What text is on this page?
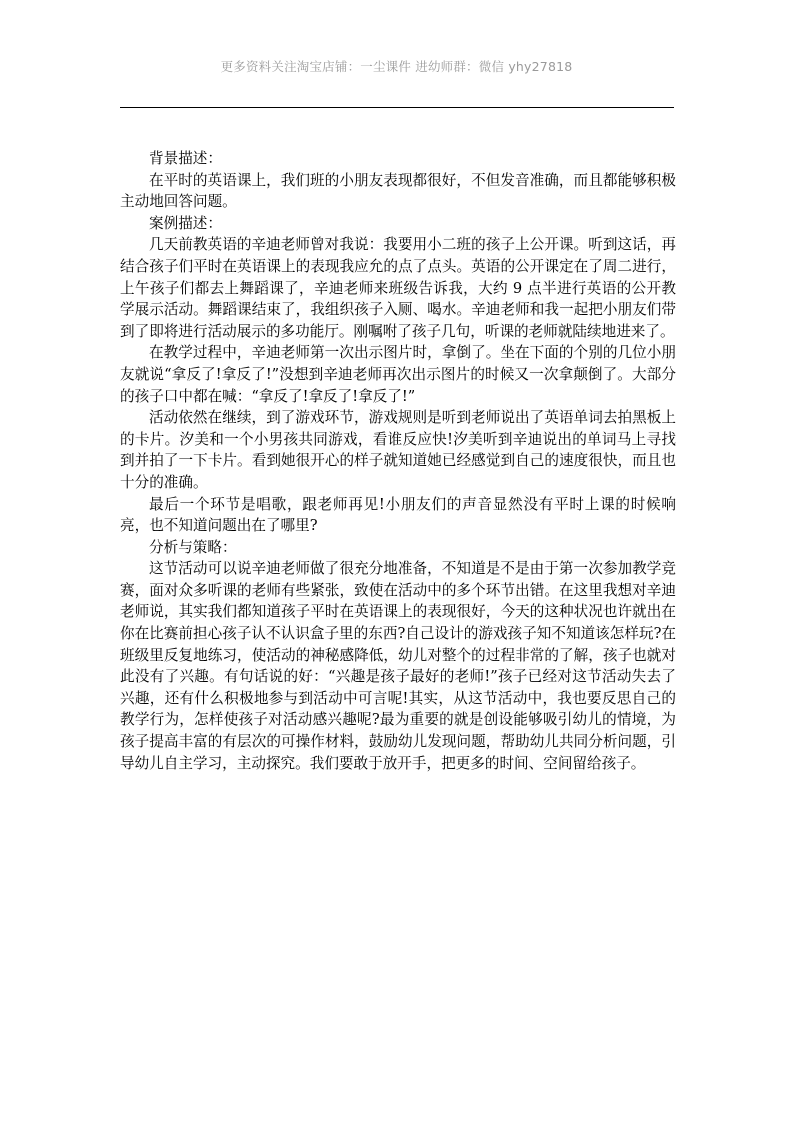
更多资料关注淘宝店铺：一尘课件 进幼师群：微信 yhy27818

背景描述：

在平时的英语课上，我们班的小朋友表现都很好，不但发音准确，而且都能够积极主动地回答问题。

案例描述：

几天前教英语的辛迪老师曾对我说：我要用小二班的孩子上公开课。听到这话，再结合孩子们平时在英语课上的表现我应允的点了点头。英语的公开课定在了周二进行，上午孩子们都去上舞蹈课了，辛迪老师来班级告诉我，大约 9 点半进行英语的公开教学展示活动。舞蹈课结束了，我组织孩子入厕、喝水。辛迪老师和我一起把小朋友们带到了即将进行活动展示的多功能厅。刚嘱咐了孩子几句，听课的老师就陆续地进来了。

在教学过程中，辛迪老师第一次出示图片时，拿倒了。坐在下面的个别的几位小朋友就说“拿反了!拿反了!”没想到辛迪老师再次出示图片的时候又一次拿颠倒了。大部分的孩子口中都在喊：“拿反了!拿反了!拿反了!”

活动依然在继续，到了游戏环节，游戏规则是听到老师说出了英语单词去拍黑板上的卡片。汐美和一个小男孩共同游戏，看谁反应快!汐美听到辛迪说出的单词马上寻找到并拍了一下卡片。看到她很开心的样子就知道她已经感觉到自己的速度很快，而且也十分的准确。

最后一个环节是唱歌，跟老师再见!小朋友们的声音显然没有平时上课的时候响亮，也不知道问题出在了哪里?

分析与策略：

这节活动可以说辛迪老师做了很充分地准备，不知道是不是由于第一次参加教学竞赛，面对众多听课的老师有些紧张，致使在活动中的多个环节出错。在这里我想对辛迪老师说，其实我们都知道孩子平时在英语课上的表现很好，今天的这种状况也许就出在你在比赛前担心孩子认不认识盒子里的东西?自己设计的游戏孩子知不知道该怎样玩?在班级里反复地练习，使活动的神秘感降低，幼儿对整个的过程非常的了解，孩子也就对此没有了兴趣。有句话说的好：“兴趣是孩子最好的老师!”孩子已经对这节活动失去了兴趣，还有什么积极地参与到活动中可言呢!其实，从这节活动中，我也要反思自己的教学行为，怎样使孩子对活动感兴趣呢?最为重要的就是创设能够吸引幼儿的情境，为孩子提高丰富的有层次的可操作材料，鼓励幼儿发现问题，帮助幼儿共同分析问题，引导幼儿自主学习，主动探究。我们要敢于放开手，把更多的时间、空间留给孩子。
